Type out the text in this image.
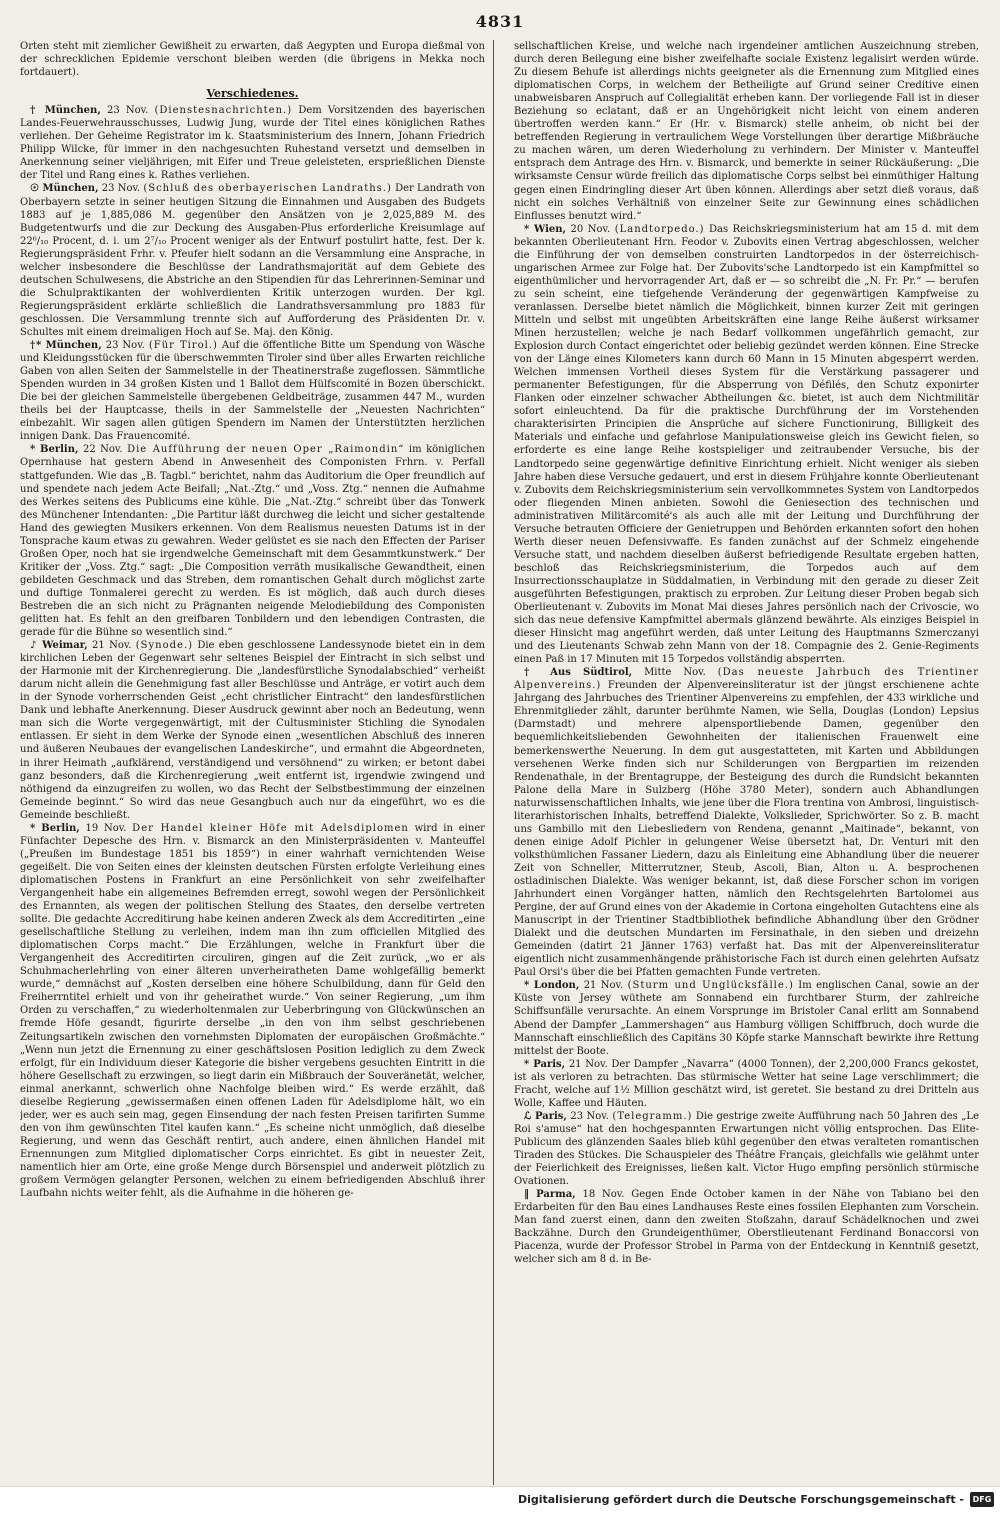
4831

Orten steht mit ziemlicher Gewißheit zu erwarten, daß Aegypten und Europa dießmal von der schrecklichen Epidemie verschont bleiben werden (die übrigens in Mekka noch fortdauert).

Verschiedenes.

† München, 23 Nov. (Dienstesnachrichten.) Dem Vorsitzenden des bayerischen Landes-Feuerwehrausschusses, Ludwig Jung, wurde der Titel eines königlichen Rathes verliehen. Der Geheime Registrator im k. Staatsministerium des Innern, Johann Friedrich Philipp Wilcke, für immer in den nachgesuchten Ruhestand versetzt und demselben in Anerkennung seiner vieljährigen, mit Eifer und Treue geleisteten, ersprießlichen Dienste der Titel und Rang eines k. Rathes verliehen.

☉ München, 23 Nov. (Schluß des oberbayerischen Landraths.) Der Landrath von Oberbayern setzte in seiner heutigen Sitzung die Einnahmen und Ausgaben des Budgets 1883 auf je 1,885,086 M. gegenüber den Ansätzen von je 2,025,889 M. des Budgetentwurfs und die zur Deckung des Ausgaben-Plus erforderliche Kreisumlage auf 22⁶/₁₀ Procent, d. i. um 2⁷/₁₀ Procent weniger als der Entwurf postulirt hatte, fest. Der k. Regierungspräsident Frhr. v. Pfeufer hielt sodann an die Versammlung eine Ansprache, in welcher insbesondere die Beschlüsse der Landrathsmajorität auf dem Gebiete des deutschen Schulwesens, die Abstriche an den Stipendien für das Lehrerinnen-Seminar und die Schulpraktikanten der wohlverdienten Kritik unterzogen wurden. Der kgl. Regierungspräsident erklärte schließlich die Landrathsversammlung pro 1883 für geschlossen. Die Versammlung trennte sich auf Aufforderung des Präsidenten Dr. v. Schultes mit einem dreimaligen Hoch auf Se. Maj. den König.

†* München, 23 Nov. (Für Tirol.) Auf die öffentliche Bitte um Spendung von Wäsche und Kleidungsstücken für die überschwemmten Tiroler sind über alles Erwarten reichliche Gaben von allen Seiten der Sammelstelle in der Theatinerstraße zugeflossen. Sämmtliche Spenden wurden in 34 großen Kisten und 1 Ballot dem Hülfscomité in Bozen überschickt. Die bei der gleichen Sammelstelle übergebenen Geldbeiträge, zusammen 447 M., wurden theils bei der Hauptcasse, theils in der Sammelstelle der „Neuesten Nachrichten“ einbezahlt. Wir sagen allen gütigen Spendern im Namen der Unterstützten herzlichen innigen Dank. Das Frauencomité.

* Berlin, 22 Nov. Die Aufführung der neuen Oper „Raimondin“ im königlichen Opernhause hat gestern Abend in Anwesenheit des Componisten Frhrn. v. Perfall stattgefunden. Wie das „B. Tagbl.“ berichtet, nahm das Auditorium die Oper freundlich auf und spendete nach jedem Acte Beifall; „Nat.-Ztg.“ und „Voss. Ztg.“ nennen die Aufnahme des Werkes seitens des Publicums eine kühle. Die „Nat.-Ztg.“ schreibt über das Tonwerk des Münchener Intendanten: „Die Partitur läßt durchweg die leicht und sicher gestaltende Hand des gewiegten Musikers erkennen. Von dem Realismus neuesten Datums ist in der Tonsprache kaum etwas zu gewahren. Weder gelüstet es sie nach den Effecten der Pariser Großen Oper, noch hat sie irgendwelche Gemeinschaft mit dem Gesammtkunstwerk.“ Der Kritiker der „Voss. Ztg.“ sagt: „Die Composition verräth musikalische Gewandtheit, einen gebildeten Geschmack und das Streben, dem romantischen Gehalt durch möglichst zarte und duftige Tonmalerei gerecht zu werden. Es ist möglich, daß auch durch dieses Bestreben die an sich nicht zu Prägnanten neigende Melodiebildung des Componisten gelitten hat. Es fehlt an den greifbaren Tonbildern und den lebendigen Contrasten, die gerade für die Bühne so wesentlich sind.“

♪ Weimar, 21 Nov. (Synode.) Die eben geschlossene Landessynode bietet ein in dem kirchlichen Leben der Gegenwart sehr seltenes Beispiel der Eintracht in sich selbst und der Harmonie mit der Kirchenregierung. Die „landesfürstliche Synodalabschied“ verheißt darum nicht allein die Genehmigung fast aller Beschlüsse und Anträge, er votirt auch dem in der Synode vorherrschenden Geist „echt christlicher Eintracht“ den landesfürstlichen Dank und lebhafte Anerkennung. Dieser Ausdruck gewinnt aber noch an Bedeutung, wenn man sich die Worte vergegenwärtigt, mit der Cultusminister Stichling die Synodalen entlassen. Er sieht in dem Werke der Synode einen „wesentlichen Abschluß des inneren und äußeren Neubaues der evangelischen Landeskirche“, und ermahnt die Abgeordneten, in ihrer Heimath „aufklärend, verständigend und versöhnend“ zu wirken; er betont dabei ganz besonders, daß die Kirchenregierung „weit entfernt ist, irgendwie zwingend und nöthigend da einzugreifen zu wollen, wo das Recht der Selbstbestimmung der einzelnen Gemeinde beginnt.“ So wird das neue Gesangbuch auch nur da eingeführt, wo es die Gemeinde beschließt.

* Berlin, 19 Nov. Der Handel kleiner Höfe mit Adelsdiplomen wird in einer Fünfachter Depesche des Hrn. v. Bismarck an den Ministerpräsidenten v. Manteuffel („Preußen im Bundestage 1851 bis 1859“) in einer wahrhaft vernichtenden Weise gegeißelt. Die von Seiten eines der kleinsten deutschen Fürsten erfolgte Verleihung eines diplomatischen Postens in Frankfurt an eine Persönlichkeit von sehr zweifelhafter Vergangenheit habe ein allgemeines Befremden erregt, sowohl wegen der Persönlichkeit des Ernannten, als wegen der politischen Stellung des Staates, den derselbe vertreten sollte. Die gedachte Accreditirung habe keinen anderen Zweck als dem Accreditirten „eine gesellschaftliche Stellung zu verleihen, indem man ihn zum officiellen Mitglied des diplomatischen Corps macht.“ Die Erzählungen, welche in Frankfurt über die Vergangenheit des Accreditirten circuliren, gingen auf die Zeit zurück, „wo er als Schuhmacherlehrling von einer älteren unverheiratheten Dame wohlgefällig bemerkt wurde,“ demnächst auf „Kosten derselben eine höhere Schulbildung, dann für Geld den Freiherrntitel erhielt und von ihr geheirathet wurde.“ Von seiner Regierung, „um ihm Orden zu verschaffen,“ zu wiederholtenmalen zur Ueberbringung von Glückwünschen an fremde Höfe gesandt, figurirte derselbe „in den von ihm selbst geschriebenen Zeitungsartikeln zwischen den vornehmsten Diplomaten der europäischen Großmächte.“ „Wenn nun jetzt die Ernennung zu einer geschäftslosen Position lediglich zu dem Zweck erfolgt, für ein Individuum dieser Kategorie die bisher vergebens gesuchten Eintritt in die höhere Gesellschaft zu erzwingen, so liegt darin ein Mißbrauch der Souveränetät, welcher, einmal anerkannt, schwerlich ohne Nachfolge bleiben wird.“ Es werde erzählt, daß dieselbe Regierung „gewissermaßen einen offenen Laden für Adelsdiplome hält, wo ein jeder, wer es auch sein mag, gegen Einsendung der nach festen Preisen tarifirten Summe den von ihm gewünschten Titel kaufen kann.“ „Es scheine nicht unmöglich, daß dieselbe Regierung, und wenn das Geschäft rentirt, auch andere, einen ähnlichen Handel mit Ernennungen zum Mitglied diplomatischer Corps einrichtet. Es gibt in neuester Zeit, namentlich hier am Orte, eine große Menge durch Börsenspiel und anderweit plötzlich zu großem Vermögen gelangter Personen, welchen zu einem befriedigenden Abschluß ihrer Laufbahn nichts weiter fehlt, als die Aufnahme in die höheren ge-

sellschaftlichen Kreise, und welche nach irgendeiner amtlichen Auszeichnung streben, durch deren Beilegung eine bisher zweifelhafte sociale Existenz legalisirt werden würde. Zu diesem Behufe ist allerdings nichts geeigneter als die Ernennung zum Mitglied eines diplomatischen Corps, in welchem der Betheiligte auf Grund seiner Creditive einen unabweisbaren Anspruch auf Collegialität erheben kann. Der vorliegende Fall ist in dieser Beziehung so eclatant, daß er an Ungehörigkeit nicht leicht von einem anderen übertroffen werden kann.“ Er (Hr. v. Bismarck) stelle anheim, ob nicht bei der betreffenden Regierung in vertraulichem Wege Vorstellungen über derartige Mißbräuche zu machen wären, um deren Wiederholung zu verhindern. Der Minister v. Manteuffel entsprach dem Antrage des Hrn. v. Bismarck, und bemerkte in seiner Rückäußerung: „Die wirksamste Censur würde freilich das diplomatische Corps selbst bei einmüthiger Haltung gegen einen Eindringling dieser Art üben können. Allerdings aber setzt dieß voraus, daß nicht ein solches Verhältniß von einzelner Seite zur Gewinnung eines schädlichen Einflusses benutzt wird.“

* Wien, 20 Nov. (Landtorpedo.) Das Reichskriegsministerium hat am 15 d. mit dem bekannten Oberlieutenant Hrn. Feodor v. Zubovits einen Vertrag abgeschlossen, welcher die Einführung der von demselben construirten Landtorpedos in der österreichisch-ungarischen Armee zur Folge hat. Der Zubovits'sche Landtorpedo ist ein Kampfmittel so eigenthümlicher und hervorragender Art, daß er — so schreibt die „N. Fr. Pr.“ — berufen zu sein scheint, eine tiefgehende Veränderung der gegenwärtigen Kampfweise zu veranlassen. Derselbe bietet nämlich die Möglichkeit, binnen kurzer Zeit mit geringen Mitteln und selbst mit ungeübten Arbeitskräften eine lange Reihe äußerst wirksamer Minen herzustellen; welche je nach Bedarf vollkommen ungefährlich gemacht, zur Explosion durch Contact eingerichtet oder beliebig gezündet werden können. Eine Strecke von der Länge eines Kilometers kann durch 60 Mann in 15 Minuten abgesperrt werden. Welchen immensen Vortheil dieses System für die Verstärkung passagerer und permanenter Befestigungen, für die Absperrung von Défilés, den Schutz exponirter Flanken oder einzelner schwacher Abtheilungen &c. bietet, ist auch dem Nichtmilitär sofort einleuchtend. Da für die praktische Durchführung der im Vorstehenden charakterisirten Principien die Ansprüche auf sichere Functionirung, Billigkeit des Materials und einfache und gefahrlose Manipulationsweise gleich ins Gewicht fielen, so erforderte es eine lange Reihe kostspieliger und zeitraubender Versuche, bis der Landtorpedo seine gegenwärtige definitive Einrichtung erhielt. Nicht weniger als sieben Jahre haben diese Versuche gedauert, und erst in diesem Frühjahre konnte Oberlieutenant v. Zubovits dem Reichskriegsministerium sein vervollkommnetes System von Landtorpedos oder fliegenden Minen anbieten. Sowohl die Geniesection des technischen und administrativen Militärcomité's als auch alle mit der Leitung und Durchführung der Versuche betrauten Officiere der Genietruppen und Behörden erkannten sofort den hohen Werth dieser neuen Defensivwaffe. Es fanden zunächst auf der Schmelz eingehende Versuche statt, und nachdem dieselben äußerst befriedigende Resultate ergeben hatten, beschloß das Reichskriegsministerium, die Torpedos auch auf dem Insurrectionsschauplatze in Süddalmatien, in Verbindung mit den gerade zu dieser Zeit ausgeführten Befestigungen, praktisch zu erproben. Zur Leitung dieser Proben begab sich Oberlieutenant v. Zubovits im Monat Mai dieses Jahres persönlich nach der Crivoscie, wo sich das neue defensive Kampfmittel abermals glänzend bewährte. Als einziges Beispiel in dieser Hinsicht mag angeführt werden, daß unter Leitung des Hauptmanns Szmerczanyi und des Lieutenants Schwab zehn Mann von der 18. Compagnie des 2. Genie-Regiments einen Paß in 17 Minuten mit 15 Torpedos vollständig absperrten.

† Aus Südtirol, Mitte Nov. (Das neueste Jahrbuch des Trientiner Alpenvereins.) Freunden der Alpenvereinsliteratur ist der jüngst erschienene achte Jahrgang des Jahrbuches des Trientiner Alpenvereins zu empfehlen, der 433 wirkliche und Ehrenmitglieder zählt, darunter berühmte Namen, wie Sella, Douglas (London) Lepsius (Darmstadt) und mehrere alpensportliebende Damen, gegenüber den bequemlichkeitsliebenden Gewohnheiten der italienischen Frauenwelt eine bemerkenswerthe Neuerung. In dem gut ausgestatteten, mit Karten und Abbildungen versehenen Werke finden sich nur Schilderungen von Bergpartien im reizenden Rendenathale, in der Brentagruppe, der Besteigung des durch die Rundsicht bekannten Palone della Mare in Sulzberg (Höhe 3780 Meter), sondern auch Abhandlungen naturwissenschaftlichen Inhalts, wie jene über die Flora trentina von Ambrosi, linguistisch-literarhistorischen Inhalts, betreffend Dialekte, Volkslieder, Sprichwörter. So z. B. macht uns Gambillo mit den Liebesliedern von Rendena, genannt „Maitinade“, bekannt, von denen einige Adolf Pichler in gelungener Weise übersetzt hat, Dr. Venturi mit den volksthümlichen Fassaner Liedern, dazu als Einleitung eine Abhandlung über die neuerer Zeit von Schneller, Mitterrutzner, Steub, Ascoli, Bian, Alton u. A. besprochenen ostladinischen Dialekte. Was weniger bekannt, ist, daß diese Forscher schon im vorigen Jahrhundert einen Vorgänger hatten, nämlich den Rechtsgelehrten Bartolomei aus Pergine, der auf Grund eines von der Akademie in Cortona eingeholten Gutachtens eine als Manuscript in der Trientiner Stadtbibliothek befindliche Abhandlung über den Grödner Dialekt und die deutschen Mundarten im Fersinathale, in den sieben und dreizehn Gemeinden (datirt 21 Jänner 1763) verfaßt hat. Das mit der Alpenvereinsliteratur eigentlich nicht zusammenhängende prähistorische Fach ist durch einen gelehrten Aufsatz Paul Orsi's über die bei Pfatten gemachten Funde vertreten.

* London, 21 Nov. (Sturm und Unglücksfälle.) Im englischen Canal, sowie an der Küste von Jersey wüthete am Sonnabend ein furchtbarer Sturm, der zahlreiche Schiffsunfälle verursachte. An einem Vorsprunge im Bristoler Canal erlitt am Sonnabend Abend der Dampfer „Lammershagen“ aus Hamburg völligen Schiffbruch, doch wurde die Mannschaft einschließlich des Capitäns 30 Köpfe starke Mannschaft bewirkte ihre Rettung mittelst der Boote.

* Paris, 21 Nov. Der Dampfer „Navarra“ (4000 Tonnen), der 2,200,000 Francs gekostet, ist als verloren zu betrachten. Das stürmische Wetter hat seine Lage verschlimmert; die Fracht, welche auf 1½ Million geschätzt wird, ist geretet. Sie bestand zu drei Dritteln aus Wolle, Kaffee und Häuten.

ℒ Paris, 23 Nov. (Telegramm.) Die gestrige zweite Aufführung nach 50 Jahren des „Le Roi s'amuse“ hat den hochgespannten Erwartungen nicht völlig entsprochen. Das Elite-Publicum des glänzenden Saales blieb kühl gegenüber den etwas veralteten romantischen Tiraden des Stückes. Die Schauspieler des Théâtre Français, gleichfalls wie gelähmt unter der Feierlichkeit des Ereignisses, ließen kalt. Victor Hugo empfing persönlich stürmische Ovationen.

‖ Parma, 18 Nov. Gegen Ende October kamen in der Nähe von Tabiano bei den Erdarbeiten für den Bau eines Landhauses Reste eines fossilen Elephanten zum Vorschein. Man fand zuerst einen, dann den zweiten Stoßzahn, darauf Schädelknochen und zwei Backzähne. Durch den Grundeigenthümer, Oberstlieutenant Ferdinand Bonaccorsi von Piacenza, wurde der Professor Strobel in Parma von der Entdeckung in Kenntniß gesetzt, welcher sich am 8 d. in Be-

Digitalisierung gefördert durch die Deutsche Forschungsgemeinschaft -	DFG
